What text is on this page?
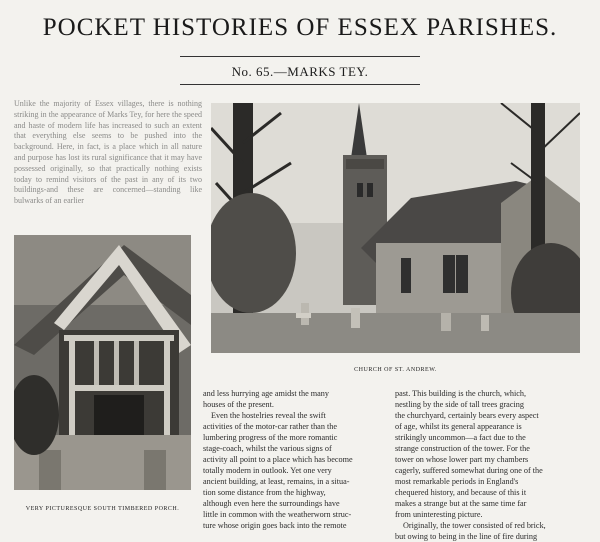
POCKET HISTORIES OF ESSEX PARISHES.
No. 65.—MARKS TEY.

Unlike the majority of Essex villages, there is nothing striking in the appearance of Marks Tey, for here the speed and haste of modern life has increased to such an extent that everything else seems to be pushed into the background. Here, in fact, is a place which in all nature and purpose has lost its rural significance that it may have possessed originally, so that practically nothing exists today to remind visitors of the past in any of its two buildings-and these are concerned—standing like bulwarks of an earlier

CHURCH OF ST. ANDREW.
VERY PICTURESQUE SOUTH TIMBERED PORCH.
and less hurrying age amidst the many
houses of the present.
Even the hostelries reveal the swift
activities of the motor-car rather than the
lumbering progress of the more romantic
stage-coach, whilst the various signs of
activity all point to a place which has become
totally modern in outlook. Yet one very
ancient building, at least, remains, in a situa-
tion some distance from the highway,
although even here the surroundings have
little in common with the weatherworn struc-
ture whose origin goes back into the remote
past. This building is the church, which,
nestling by the side of tall trees gracing
the churchyard, certainly bears every aspect
of age, whilst its general appearance is
strikingly uncommon—a fact due to the
strange construction of the tower. For the
tower on whose lower part my chambers
cagerly, suffered somewhat during one of the
most remarkable periods in England's
chequered history, and because of this it
makes a strange but at the same time far
from uninteresting picture.
Originally, the tower consisted of red brick,
but owing to being in the line of fire during
